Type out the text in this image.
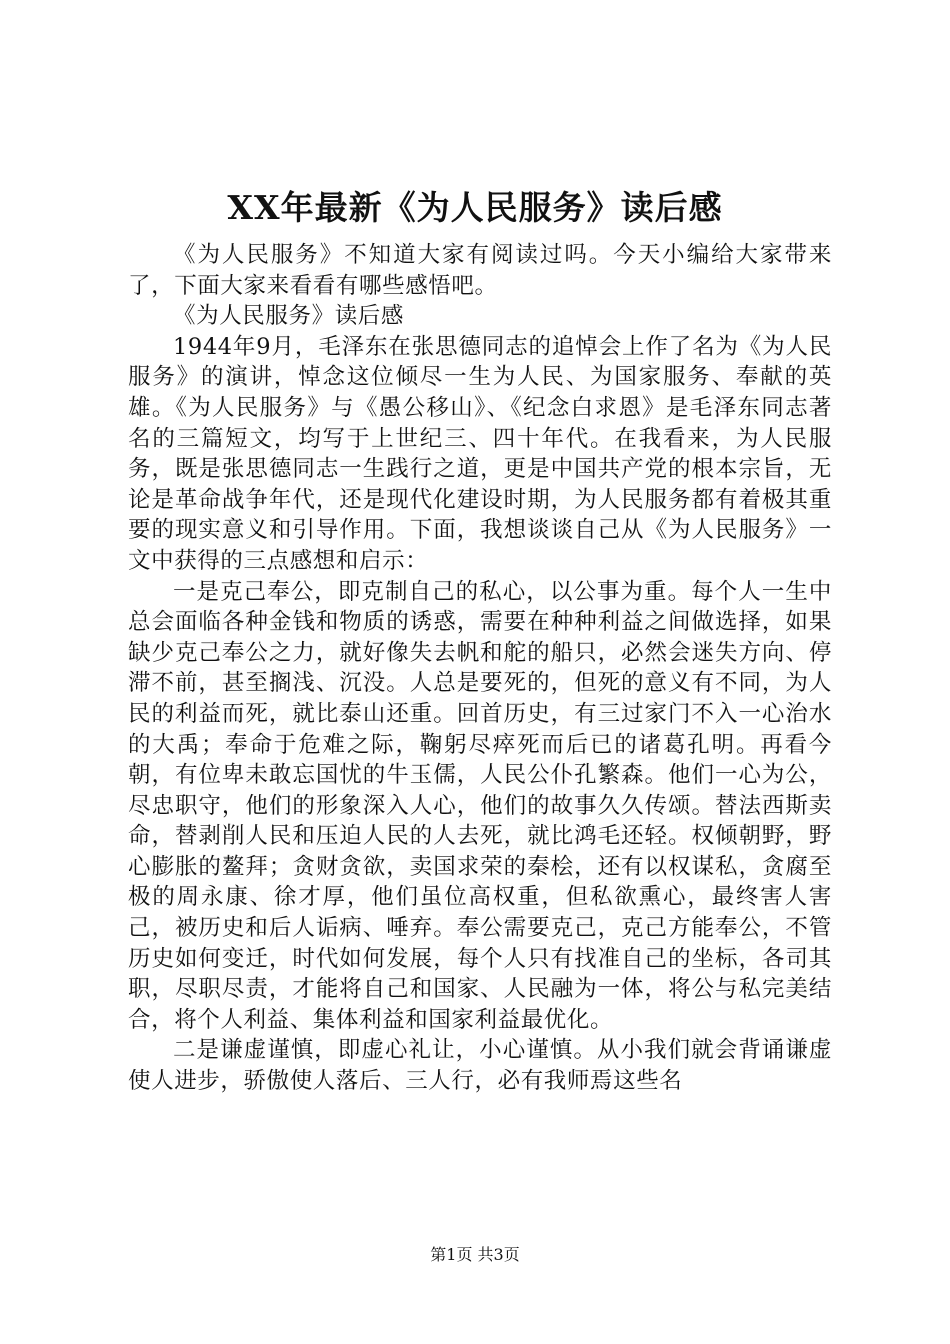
XX年最新《为人民服务》读后感

《为人民服务》不知道大家有阅读过吗。今天小编给大家带来了，下面大家来看看有哪些感悟吧。

《为人民服务》读后感

1944年9月，毛泽东在张思德同志的追悼会上作了名为《为人民服务》的演讲，悼念这位倾尽一生为人民、为国家服务、奉献的英雄。《为人民服务》与《愚公移山》、《纪念白求恩》是毛泽东同志著名的三篇短文，均写于上世纪三、四十年代。在我看来，为人民服务，既是张思德同志一生践行之道，更是中国共产党的根本宗旨，无论是革命战争年代，还是现代化建设时期，为人民服务都有着极其重要的现实意义和引导作用。下面，我想谈谈自己从《为人民服务》一文中获得的三点感想和启示：

一是克己奉公，即克制自己的私心，以公事为重。每个人一生中总会面临各种金钱和物质的诱惑，需要在种种利益之间做选择，如果缺少克己奉公之力，就好像失去帆和舵的船只，必然会迷失方向、停滞不前，甚至搁浅、沉没。人总是要死的，但死的意义有不同，为人民的利益而死，就比泰山还重。回首历史，有三过家门不入一心治水的大禹；奉命于危难之际，鞠躬尽瘁死而后已的诸葛孔明。再看今朝，有位卑未敢忘国忧的牛玉儒，人民公仆孔繁森。他们一心为公，尽忠职守，他们的形象深入人心，他们的故事久久传颂。替法西斯卖命，替剥削人民和压迫人民的人去死，就比鸿毛还轻。权倾朝野，野心膨胀的鳌拜；贪财贪欲，卖国求荣的秦桧，还有以权谋私，贪腐至极的周永康、徐才厚，他们虽位高权重，但私欲熏心，最终害人害己，被历史和后人诟病、唾弃。奉公需要克己，克己方能奉公，不管历史如何变迁，时代如何发展，每个人只有找准自己的坐标，各司其职，尽职尽责，才能将自己和国家、人民融为一体，将公与私完美结合，将个人利益、集体利益和国家利益最优化。

二是谦虚谨慎，即虚心礼让，小心谨慎。从小我们就会背诵谦虚使人进步，骄傲使人落后、三人行，必有我师焉这些名

第1页 共3页
